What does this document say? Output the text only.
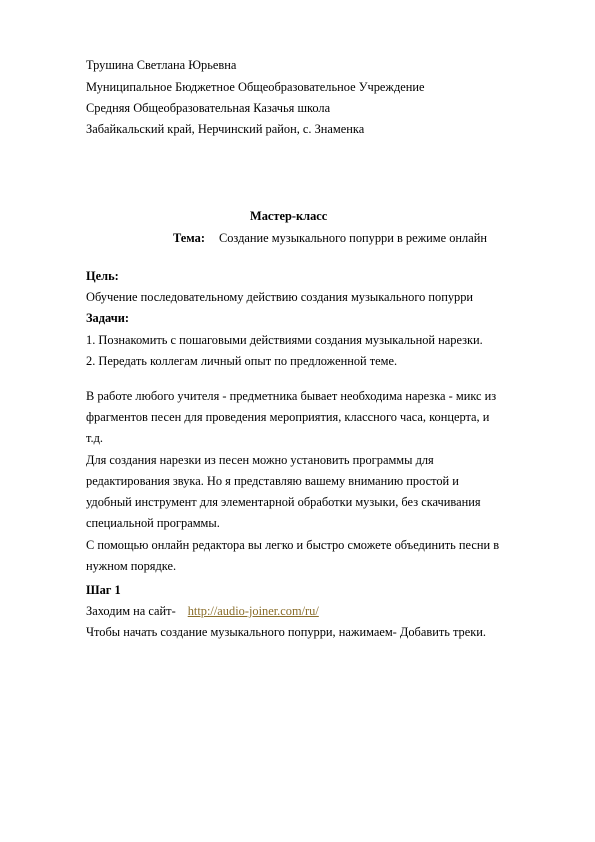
Трушина Светлана Юрьевна
Муниципальное Бюджетное Общеобразовательное Учреждение
Средняя Общеобразовательная Казачья школа
Забайкальский край, Нерчинский район, с. Знаменка
Мастер-класс
Тема: Создание музыкального попурри в режиме онлайн
Цель:
Обучение последовательному действию создания музыкального попурри
Задачи:
1. Познакомить с пошаговыми действиями создания музыкальной нарезки.
2. Передать коллегам личный опыт по предложенной теме.
В работе любого учителя - предметника бывает необходима нарезка - микс из
фрагментов песен для проведения мероприятия, классного часа, концерта, и
т.д.
Для создания нарезки из песен можно установить программы для
редактирования звука. Но я представляю вашему вниманию простой и
удобный инструмент для элементарной обработки музыки, без скачивания
специальной программы.
С помощью онлайн редактора вы легко и быстро сможете объединить песни в
нужном порядке.
Шаг 1
Заходим на сайт- http://audio-joiner.com/ru/
Чтобы начать создание музыкального попурри, нажимаем- Добавить треки.
